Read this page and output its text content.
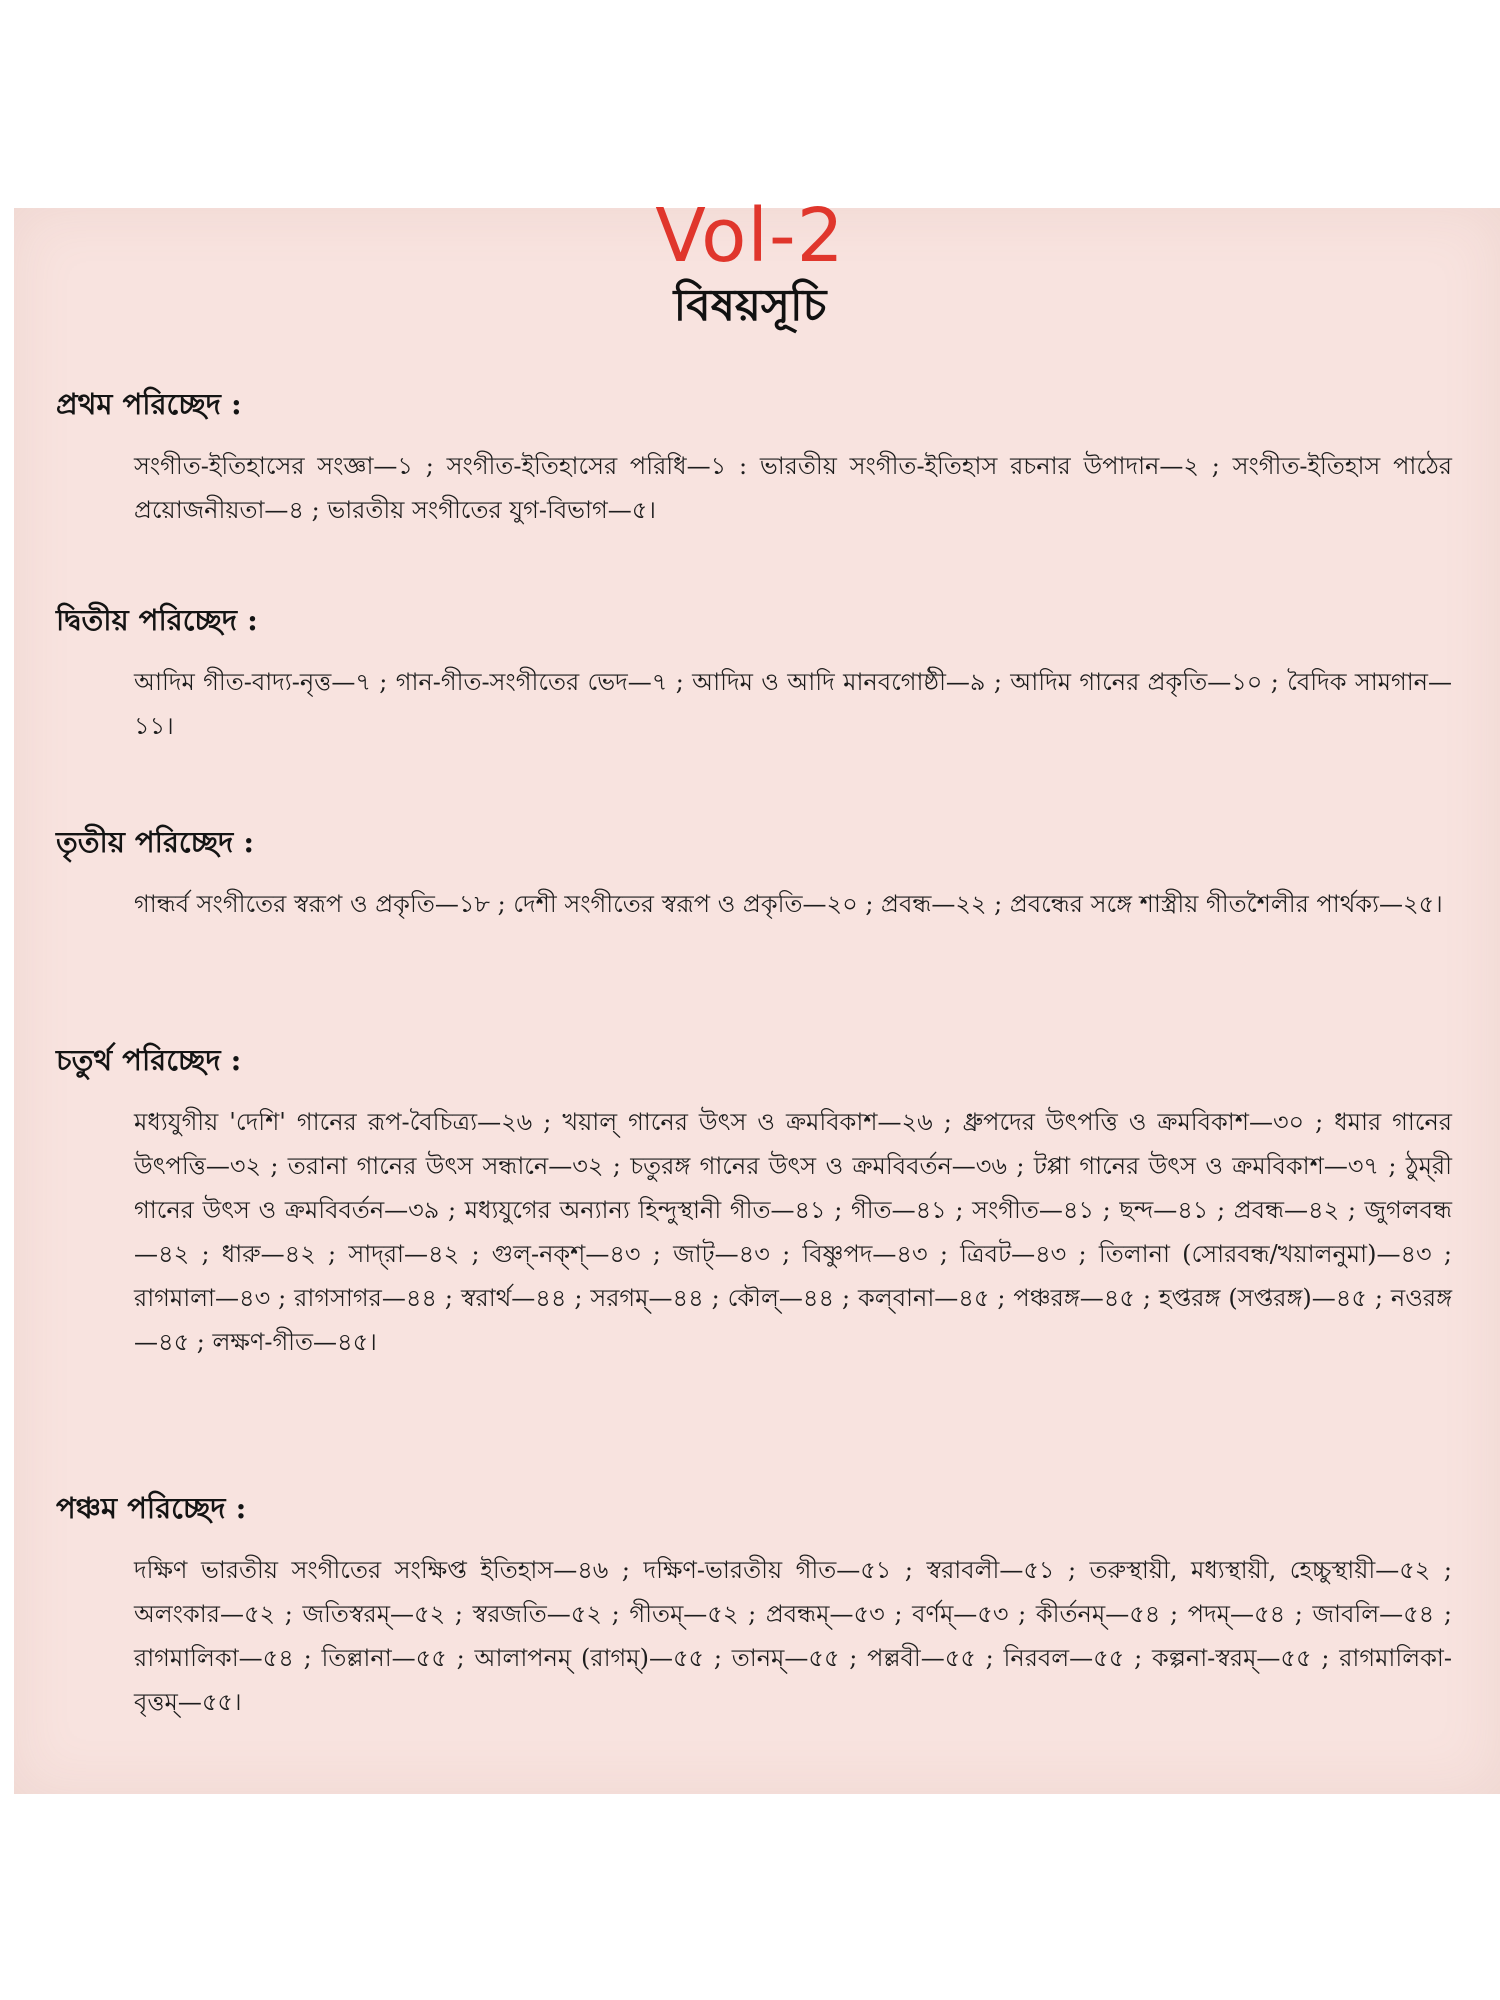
Vol-2
বিষয়সূচি
প্রথম পরিচ্ছেদ :

সংগীত-ইতিহাসের সংজ্ঞা—১ ; সংগীত-ইতিহাসের পরিধি—১ : ভারতীয় সংগীত-ইতিহাস রচনার উপাদান—২ ; সংগীত-ইতিহাস পাঠের প্রয়োজনীয়তা—৪ ; ভারতীয় সংগীতের যুগ-বিভাগ—৫।

দ্বিতীয় পরিচ্ছেদ :

আদিম গীত-বাদ্য-নৃত্ত—৭ ; গান-গীত-সংগীতের ভেদ—৭ ; আদিম ও আদি মানবগোষ্ঠী—৯ ; আদিম গানের প্রকৃতি—১০ ; বৈদিক সামগান—১১।

তৃতীয় পরিচ্ছেদ :

গান্ধর্ব সংগীতের স্বরূপ ও প্রকৃতি—১৮ ; দেশী সংগীতের স্বরূপ ও প্রকৃতি—২০ ; প্রবন্ধ—২২ ; প্রবন্ধের সঙ্গে শাস্ত্রীয় গীতশৈলীর পার্থক্য—২৫।

চতুর্থ পরিচ্ছেদ :

মধ্যযুগীয় 'দেশি' গানের রূপ-বৈচিত্র্য—২৬ ; খয়াল্ গানের উৎস ও ক্রমবিকাশ—২৬ ; ধ্রুপদের উৎপত্তি ও ক্রমবিকাশ—৩০ ; ধমার গানের উৎপত্তি—৩২ ; তরানা গানের উৎস সন্ধানে—৩২ ; চতুরঙ্গ গানের উৎস ও ক্রমবিবর্তন—৩৬ ; টপ্পা গানের উৎস ও ক্রমবিকাশ—৩৭ ; ঠুম্‌রী গানের উৎস ও ক্রমবিবর্তন—৩৯ ; মধ্যযুগের অন্যান্য হিন্দুস্থানী গীত—৪১ ; গীত—৪১ ; সংগীত—৪১ ; ছন্দ—৪১ ; প্রবন্ধ—৪২ ; জুগলবন্ধ—৪২ ; ধারু—৪২ ; সাদ্‌রা—৪২ ; গুল্-নক্‌শ্—৪৩ ; জাট্—৪৩ ; বিষ্ণুপদ—৪৩ ; ত্রিবট—৪৩ ; তিলানা (সোরবন্ধ/খয়ালনুমা)—৪৩ ; রাগমালা—৪৩ ; রাগসাগর—৪৪ ; স্বরার্থ—৪৪ ; সরগম্—৪৪ ; কৌল্—৪৪ ; কল্‌বানা—৪৫ ; পঞ্চরঙ্গ—৪৫ ; হপ্তরঙ্গ (সপ্তরঙ্গ)—৪৫ ; নওরঙ্গ—৪৫ ; লক্ষণ-গীত—৪৫।

পঞ্চম পরিচ্ছেদ :

দক্ষিণ ভারতীয় সংগীতের সংক্ষিপ্ত ইতিহাস—৪৬ ; দক্ষিণ-ভারতীয় গীত—৫১ ; স্বরাবলী—৫১ ; তরুস্থায়ী, মধ্যস্থায়ী, হেচ্চুস্থায়ী—৫২ ; অলংকার—৫২ ; জতিস্বরম্—৫২ ; স্বরজতি—৫২ ; গীতম্—৫২ ; প্রবন্ধম্—৫৩ ; বর্ণম্—৫৩ ; কীর্তনম্—৫৪ ; পদম্—৫৪ ; জাবলি—৫৪ ; রাগমালিকা—৫৪ ; তিল্লানা—৫৫ ; আলাপনম্ (রাগম্)—৫৫ ; তানম্—৫৫ ; পল্লবী—৫৫ ; নিরবল—৫৫ ; কল্পনা-স্বরম্—৫৫ ; রাগমালিকা-বৃত্তম্—৫৫।
